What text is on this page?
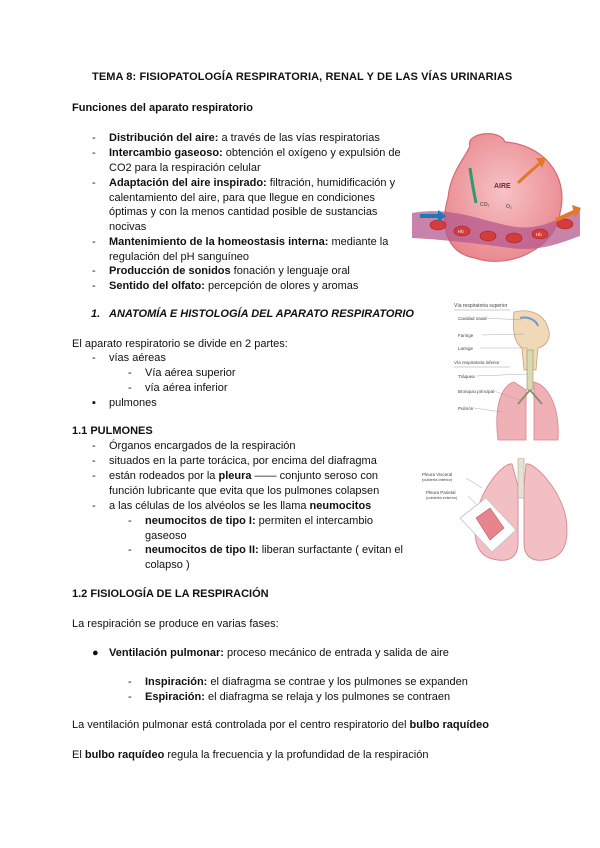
TEMA 8: FISIOPATOLOGÍA RESPIRATORIA, RENAL Y DE LAS VÍAS URINARIAS
Funciones del aparato respiratorio
- Distribución del aire: a través de las vías respiratorias
- Intercambio gaseoso: obtención el oxígeno y expulsión de
CO2 para la respiración celular
- Adaptación del aire inspirado: filtración, humidificación y
calentamiento del aire, para que llegue en condiciones
óptimas y con la menos cantidad posible de sustancias
nocivas
- Mantenimiento de la homeostasis interna: mediante la
regulación del pH sanguíneo
- Producción de sonidos fonación y lenguaje oral
- Sentido del olfato: percepción de olores y aromas
1. ANATOMÍA E HISTOLOGÍA DEL APARATO RESPIRATORIO
El aparato respiratorio se divide en 2 partes:
- vías aéreas
- Vía aérea superior
- vía aérea inferior
▪ pulmones
1.1 PULMONES
- Órganos encargados de la respiración
- situados en la parte torácica, por encima del diafragma
- están rodeados por la pleura —— conjunto seroso con
función lubricante que evita que los pulmones colapsen
- a las células de los alvéolos se les llama neumocitos
- neumocitos de tipo I: permiten el intercambio
gaseoso
- neumocitos de tipo II: liberan surfactante ( evitan el
colapso )
1.2 FISIOLOGÍA DE LA RESPIRACIÓN
La respiración se produce en varias fases:
● Ventilación pulmonar: proceso mecánico de entrada y salida de aire
- Inspiración: el diafragma se contrae y los pulmones se expanden
- Espiración: el diafragma se relaja y los pulmones se contraen
La ventilación pulmonar está controlada por el centro respiratorio del bulbo raquídeo
El bulbo raquídeo regula la frecuencia y la profundidad de la respiración
AIRE
CO₂	O₂
Hb
Hb
Vía respiratoria superior
Cavidad nasal
Faringe
Laringe
Vía respiratoria inferior
Tráquea
Bronquio principal
Pulmón
Pleura Visceral
(cubierta interior)
Pleura Parietal
(cubierta exterior)
